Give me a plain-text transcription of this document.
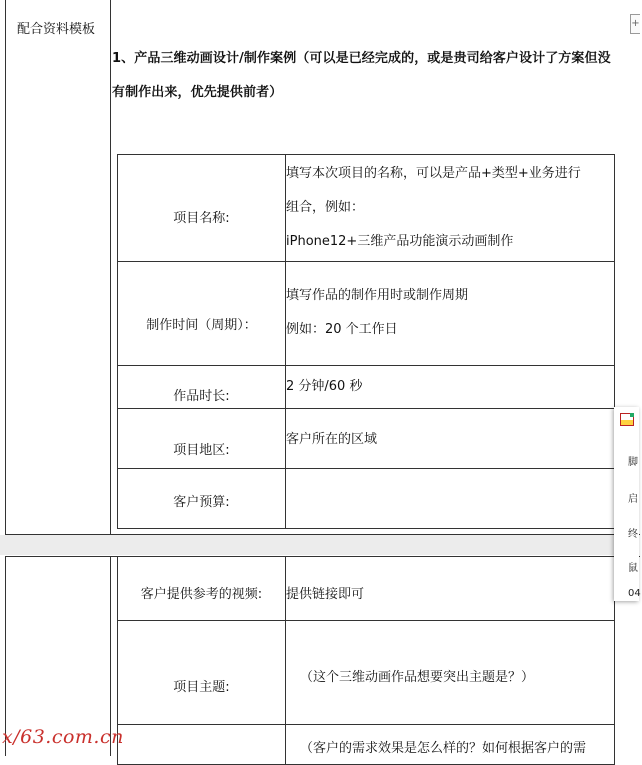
配合资料模板
1、产品三维动画设计/制作案例（可以是已经完成的，或是贵司给客户设计了方案但没
有制作出来，优先提供前者）
项目名称:	填写本次项目的名称，可以是产品+类型+业务进行
组合，例如：
iPhone12+三维产品功能演示动画制作

制作时间（周期）：	填写作品的制作用时或制作周期
例如：20 个工作日

作品时长:	2 分钟/60 秒

项目地区:	客户所在的区域

客户预算:	

客户提供参考的视频:	提供链接即可

项目主题:	（这个三维动画作品想要突出主题是？）

	（客户的需求效果是怎么样的？如何根据客户的需
+
脚
启
终
鼠
04
x/63.com.cn
